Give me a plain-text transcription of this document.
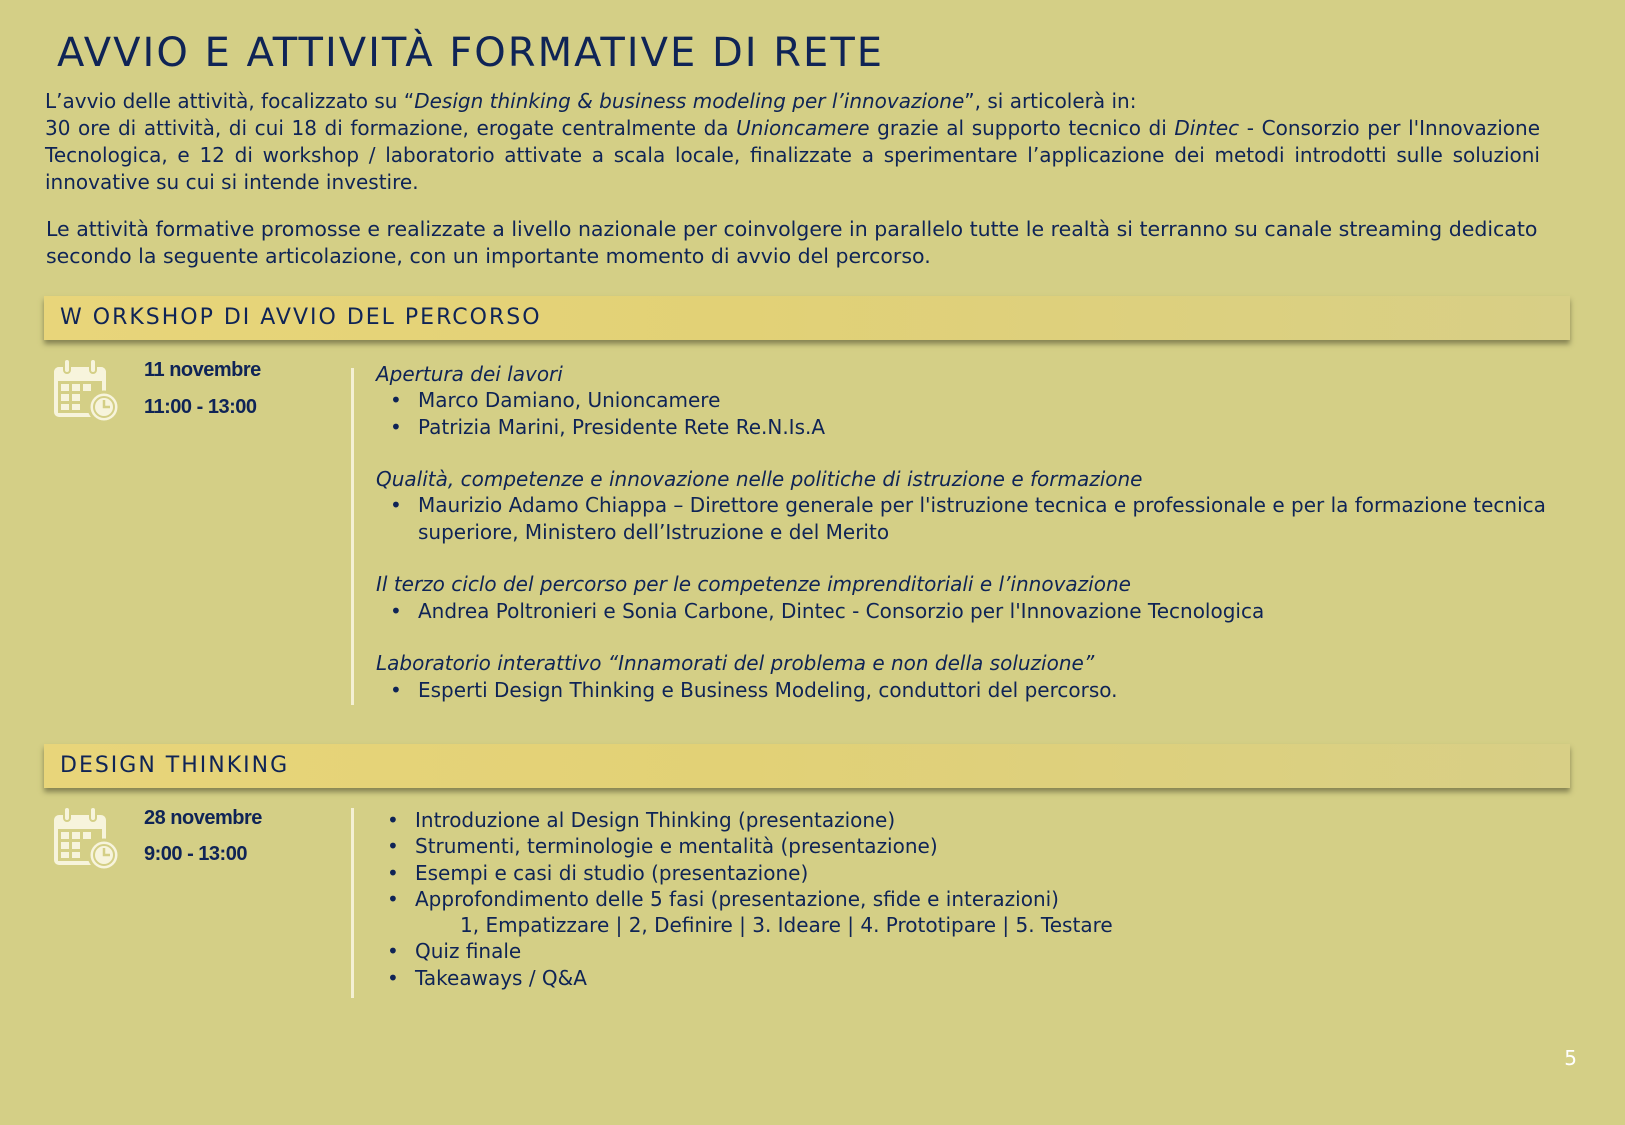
AVVIO E ATTIVITÀ FORMATIVE DI RETE

L’avvio delle attività, focalizzato su “Design thinking & business modeling per l’innovazione”, si articolerà in:

30 ore di attività, di cui 18 di formazione, erogate centralmente da Unioncamere grazie al supporto tecnico di Dintec - Consorzio per l'Innovazione Tecnologica, e 12 di workshop / laboratorio attivate a scala locale, finalizzate a sperimentare l’applicazione dei metodi introdotti sulle soluzioni innovative su cui si intende investire.

Le attività formative promosse e realizzate a livello nazionale per coinvolgere in parallelo tutte le realtà si terranno su canale streaming dedicato secondo la seguente articolazione, con un importante momento di avvio del percorso.

W ORKSHOP DI AVVIO DEL PERCORSO
11 novembre
11:00 - 13:00

Apertura dei lavori

• Marco Damiano, Unioncamere
• Patrizia Marini, Presidente Rete Re.N.Is.A

Qualità, competenze e innovazione nelle politiche di istruzione e formazione

• Maurizio Adamo Chiappa – Direttore generale per l'istruzione tecnica e professionale e per la formazione tecnica
superiore, Ministero dell’Istruzione e del Merito

Il terzo ciclo del percorso per le competenze imprenditoriali e l’innovazione

• Andrea Poltronieri e Sonia Carbone, Dintec - Consorzio per l'Innovazione Tecnologica

Laboratorio interattivo “Innamorati del problema e non della soluzione”

• Esperti Design Thinking e Business Modeling, conduttori del percorso.
DESIGN THINKING
28 novembre
9:00 - 13:00
• Introduzione al Design Thinking (presentazione)
• Strumenti, terminologie e mentalità (presentazione)
• Esempi e casi di studio (presentazione)
• Approfondimento delle 5 fasi (presentazione, sfide e interazioni)
1, Empatizzare | 2, Definire | 3. Ideare | 4. Prototipare | 5. Testare
• Quiz finale
• Takeaways / Q&A
5
